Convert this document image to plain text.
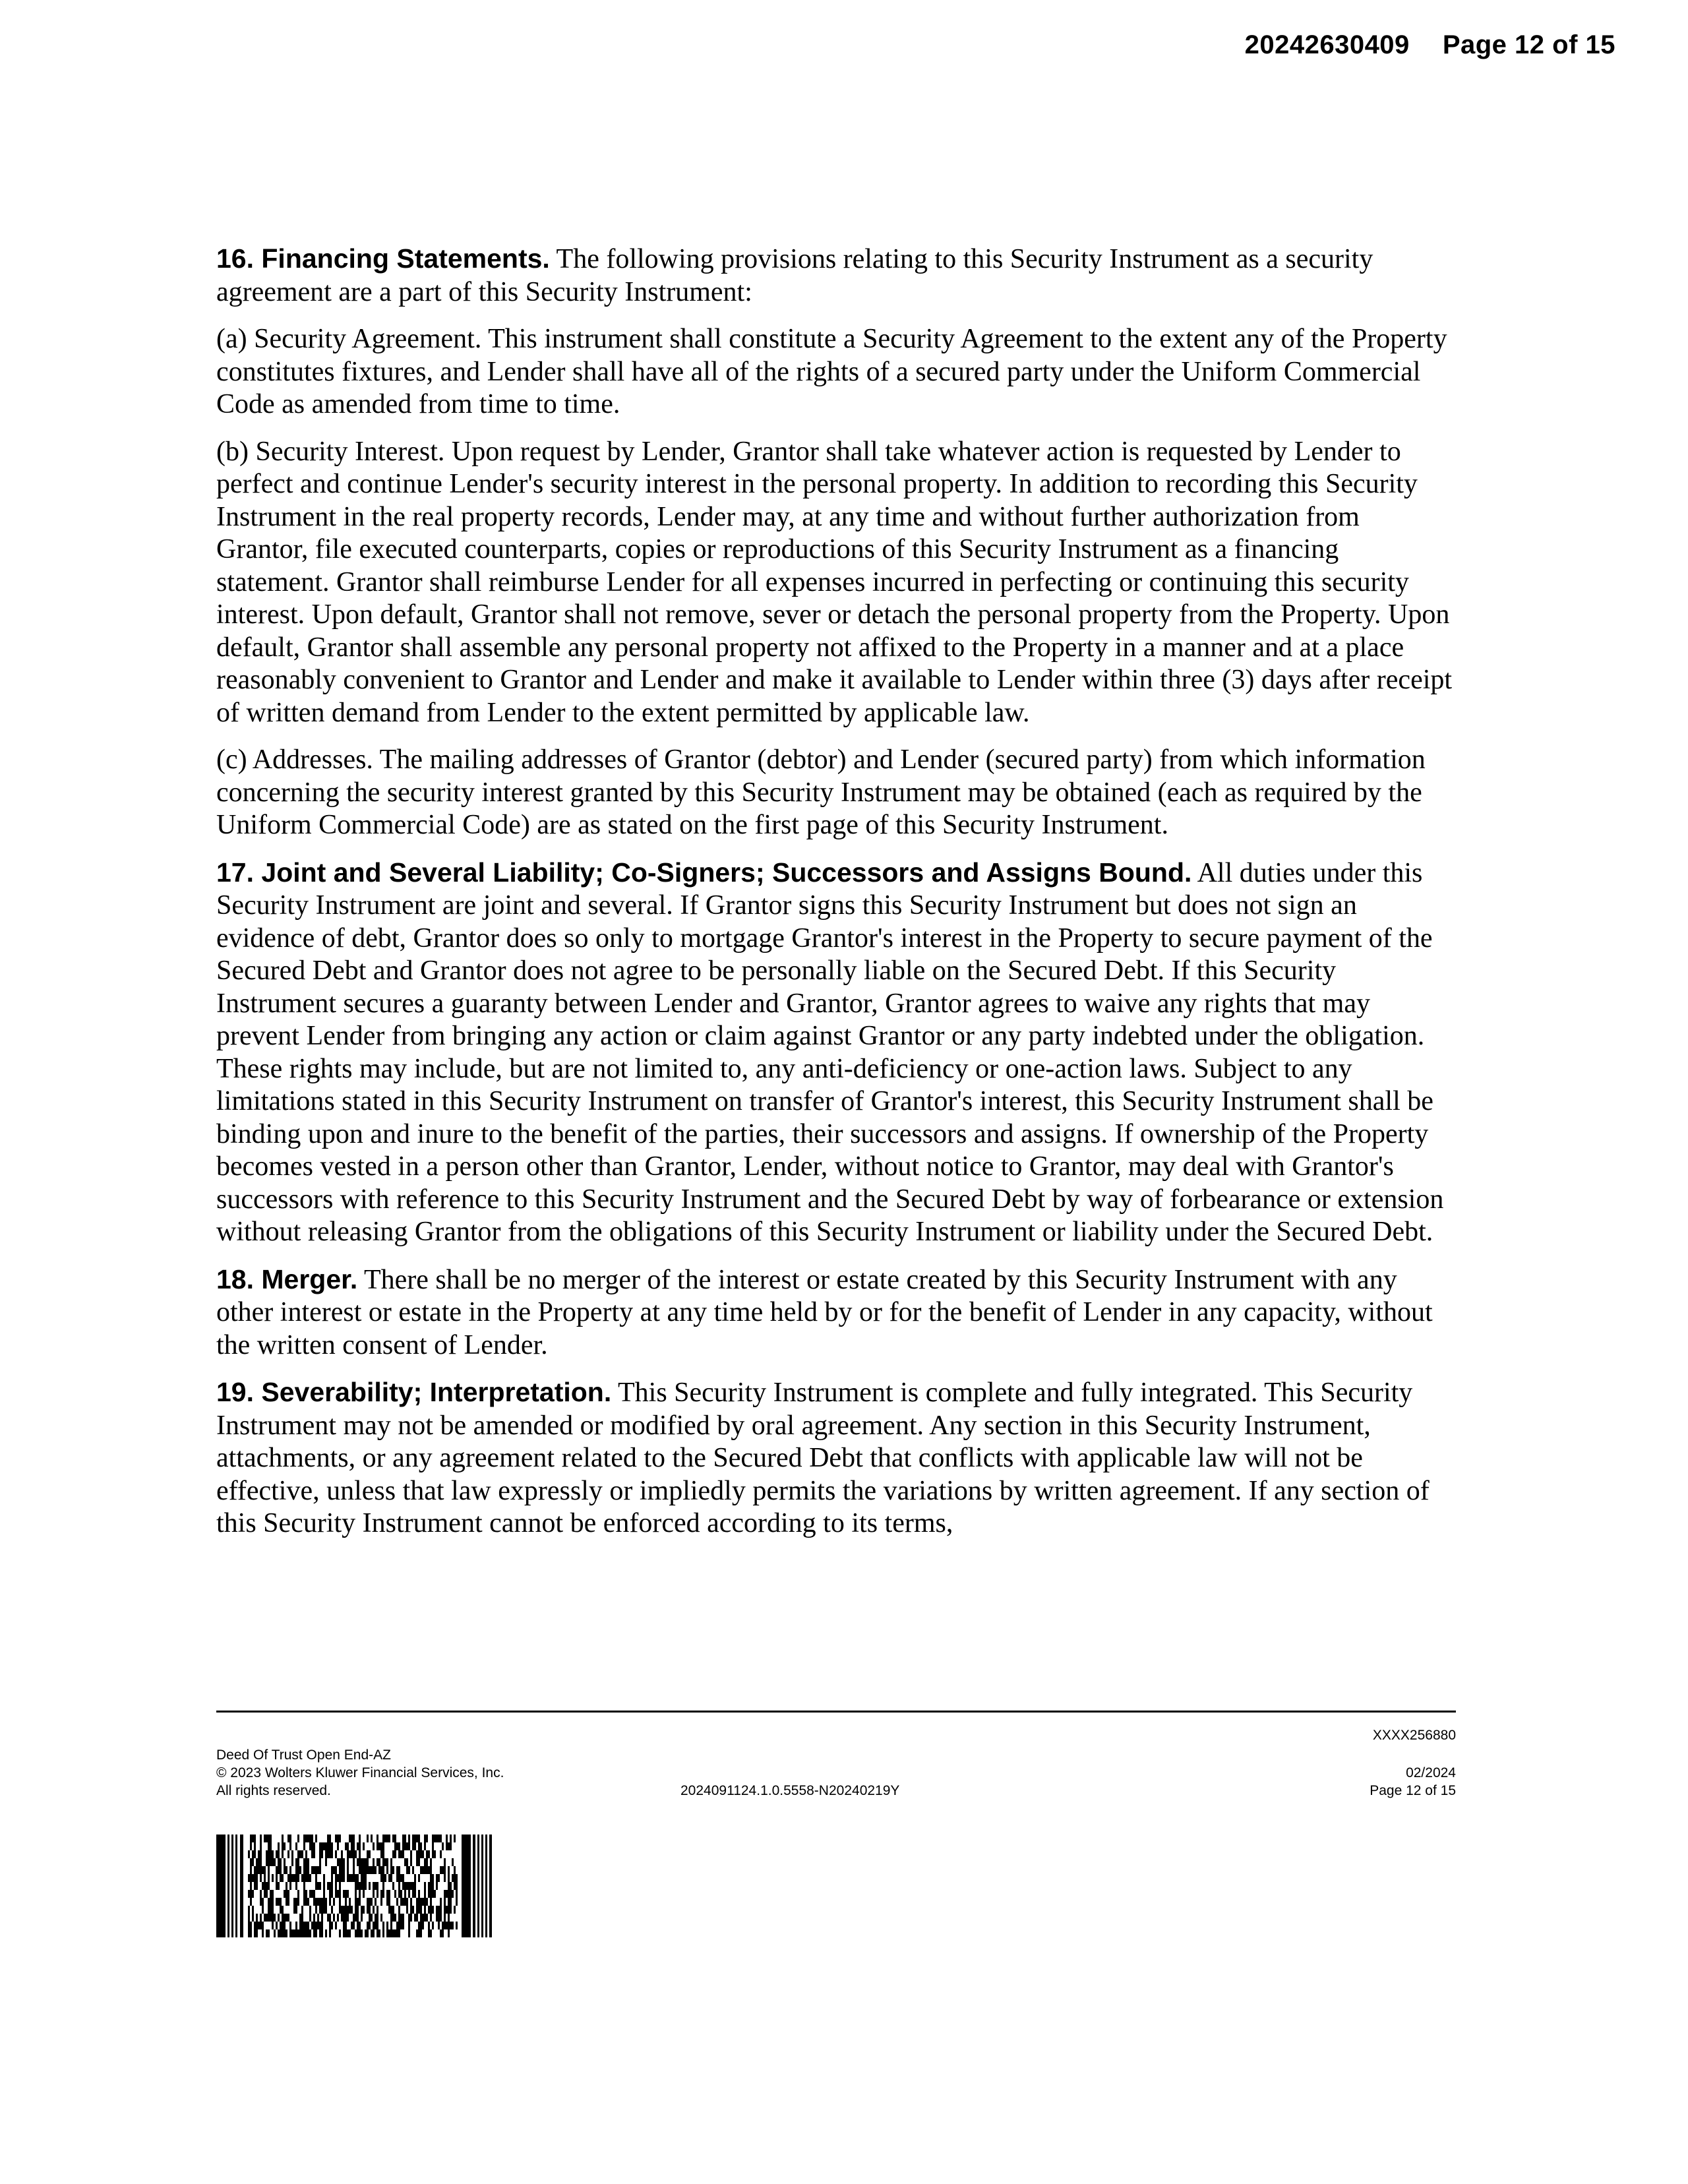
20242630409 Page 12 of 15

16. Financing Statements. The following provisions relating to this Security Instrument as a security agreement are a part of this Security Instrument:

(a) Security Agreement. This instrument shall constitute a Security Agreement to the extent any of the Property constitutes fixtures, and Lender shall have all of the rights of a secured party under the Uniform Commercial Code as amended from time to time.

(b) Security Interest. Upon request by Lender, Grantor shall take whatever action is requested by Lender to perfect and continue Lender's security interest in the personal property. In addition to recording this Security Instrument in the real property records, Lender may, at any time and without further authorization from Grantor, file executed counterparts, copies or reproductions of this Security Instrument as a financing statement. Grantor shall reimburse Lender for all expenses incurred in perfecting or continuing this security interest. Upon default, Grantor shall not remove, sever or detach the personal property from the Property. Upon default, Grantor shall assemble any personal property not affixed to the Property in a manner and at a place reasonably convenient to Grantor and Lender and make it available to Lender within three (3) days after receipt of written demand from Lender to the extent permitted by applicable law.

(c) Addresses. The mailing addresses of Grantor (debtor) and Lender (secured party) from which information concerning the security interest granted by this Security Instrument may be obtained (each as required by the Uniform Commercial Code) are as stated on the first page of this Security Instrument.

17. Joint and Several Liability; Co-Signers; Successors and Assigns Bound. All duties under this Security Instrument are joint and several. If Grantor signs this Security Instrument but does not sign an evidence of debt, Grantor does so only to mortgage Grantor's interest in the Property to secure payment of the Secured Debt and Grantor does not agree to be personally liable on the Secured Debt. If this Security Instrument secures a guaranty between Lender and Grantor, Grantor agrees to waive any rights that may prevent Lender from bringing any action or claim against Grantor or any party indebted under the obligation. These rights may include, but are not limited to, any anti-deficiency or one-action laws. Subject to any limitations stated in this Security Instrument on transfer of Grantor's interest, this Security Instrument shall be binding upon and inure to the benefit of the parties, their successors and assigns. If ownership of the Property becomes vested in a person other than Grantor, Lender, without notice to Grantor, may deal with Grantor's successors with reference to this Security Instrument and the Secured Debt by way of forbearance or extension without releasing Grantor from the obligations of this Security Instrument or liability under the Secured Debt.

18. Merger. There shall be no merger of the interest or estate created by this Security Instrument with any other interest or estate in the Property at any time held by or for the benefit of Lender in any capacity, without the written consent of Lender.

19. Severability; Interpretation. This Security Instrument is complete and fully integrated. This Security Instrument may not be amended or modified by oral agreement. Any section in this Security Instrument, attachments, or any agreement related to the Secured Debt that conflicts with applicable law will not be effective, unless that law expressly or impliedly permits the variations by written agreement. If any section of this Security Instrument cannot be enforced according to its terms,

Deed Of Trust Open End-AZ
© 2023 Wolters Kluwer Financial Services, Inc.
All rights reserved.	2024091124.1.0.5558-N20240219Y
XXXX256880
02/2024
Page 12 of 15
